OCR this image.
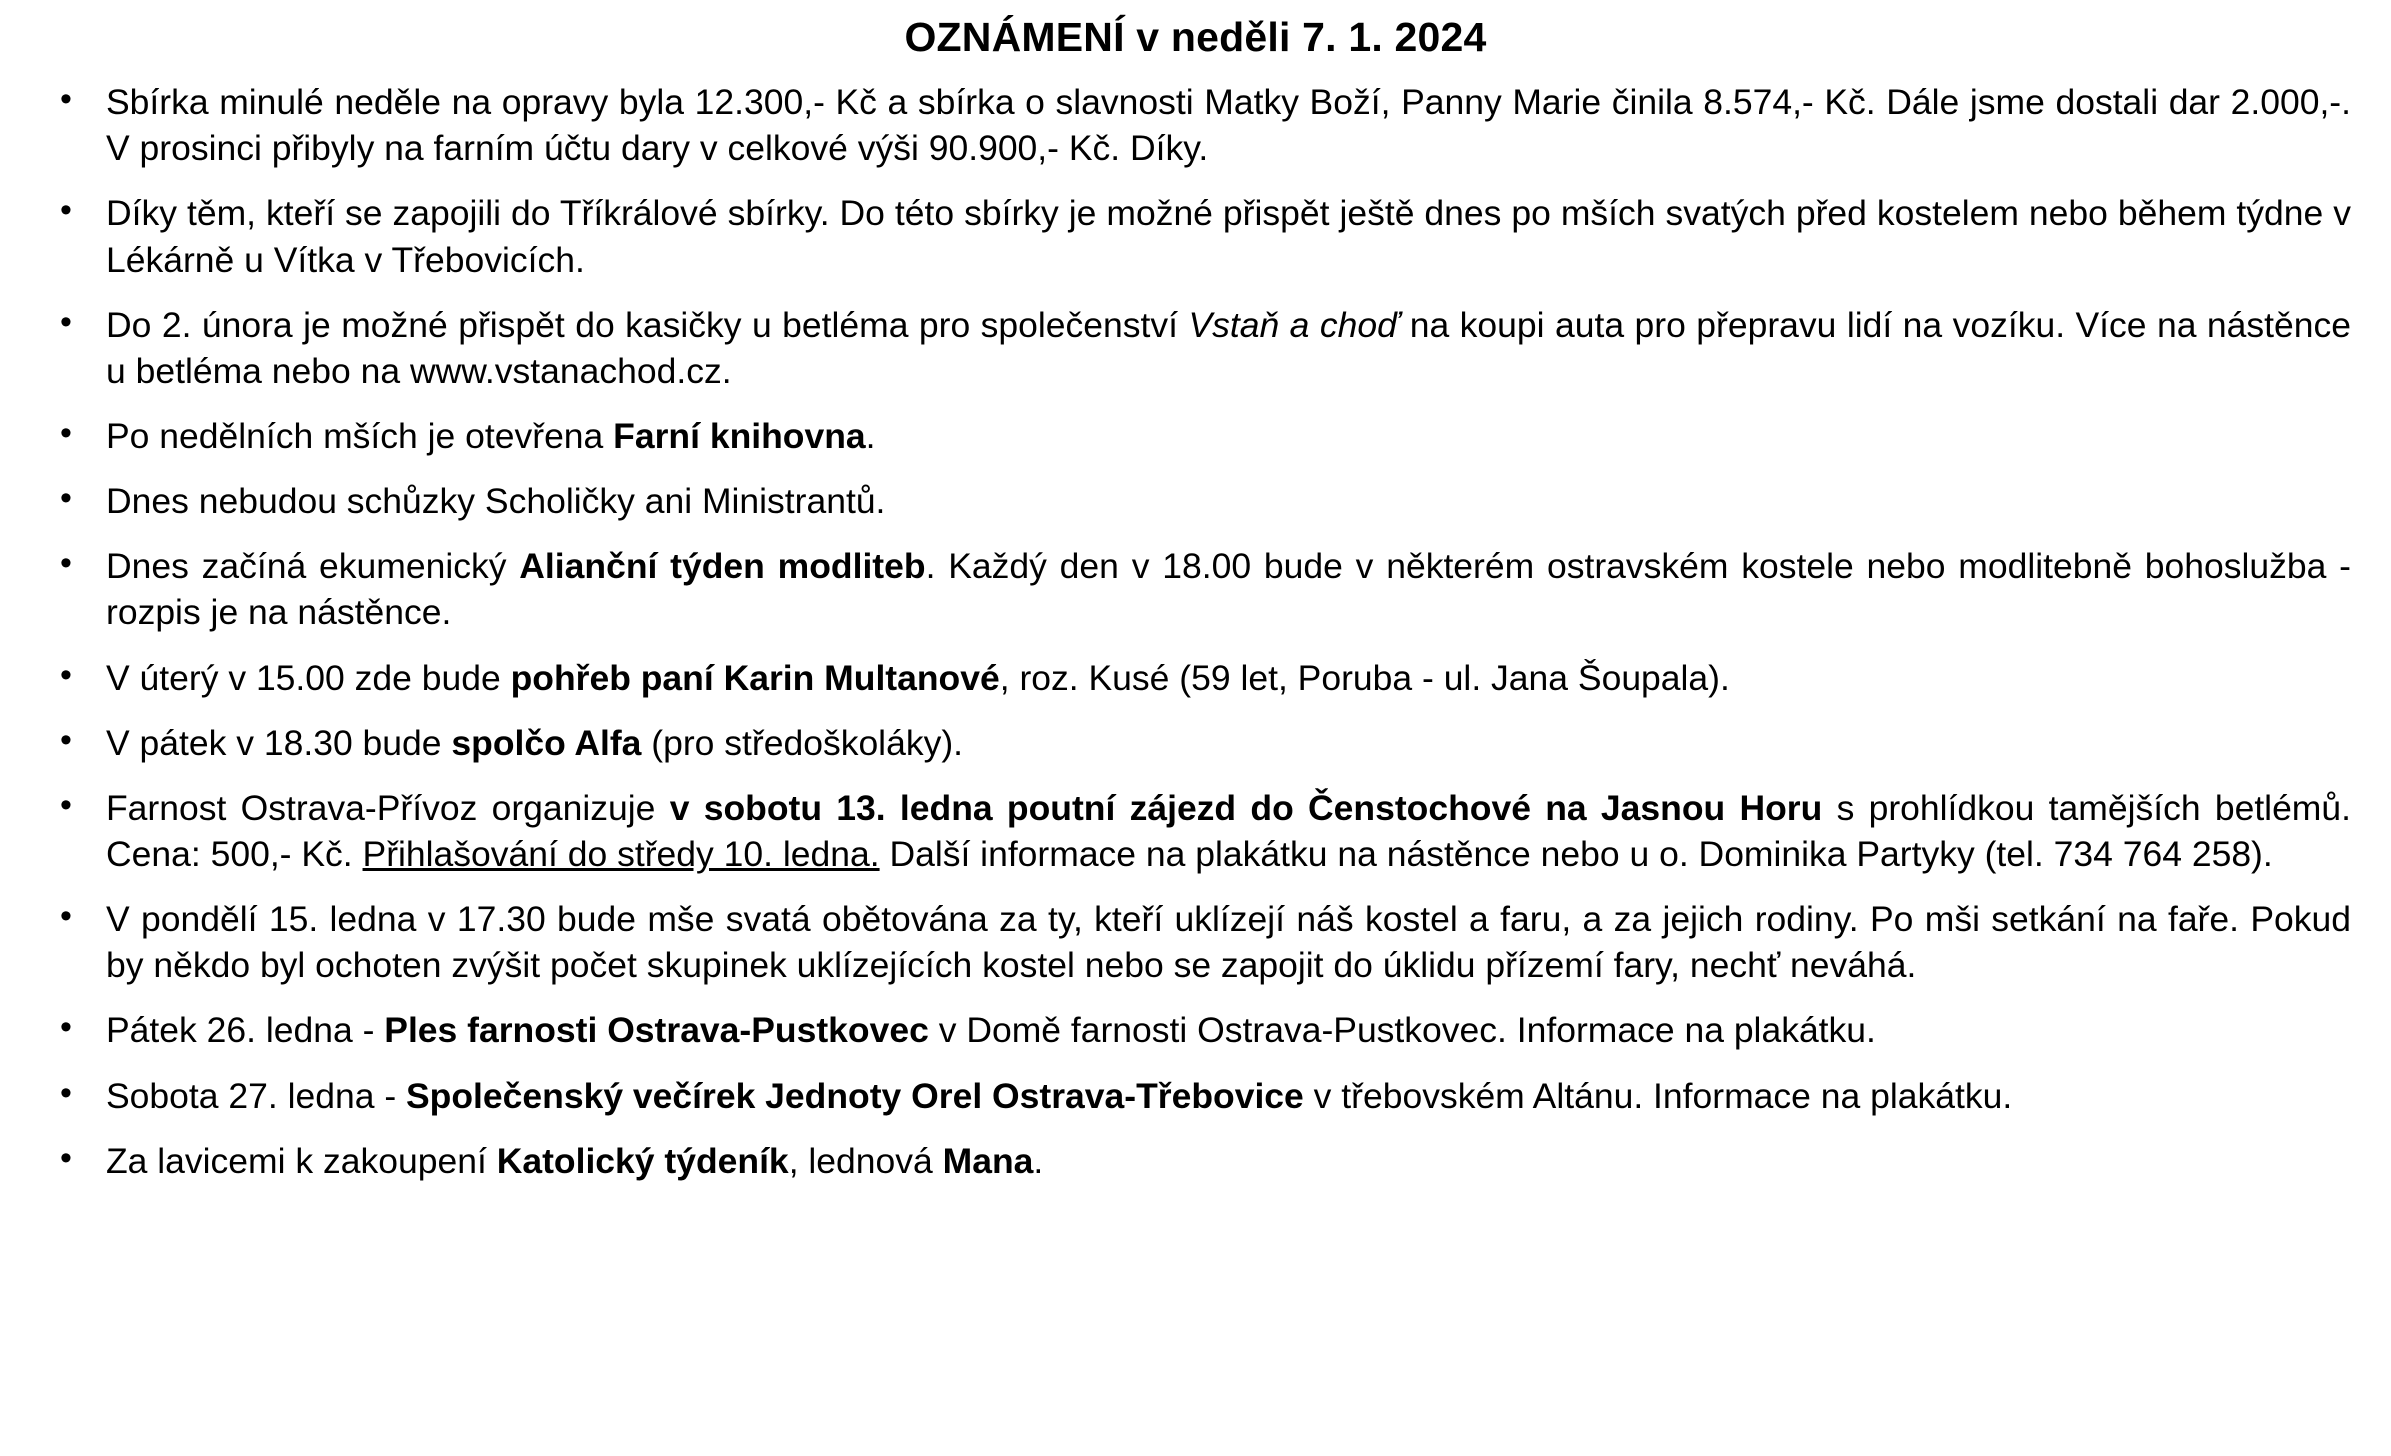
OZNÁMENÍ v neděli 7. 1. 2024
• Sbírka minulé neděle na opravy byla 12.300,- Kč a sbírka o slavnosti Matky Boží, Panny Marie činila 8.574,- Kč. Dále jsme dostali dar 2.000,-. V prosinci přibyly na farním účtu dary v celkové výši 90.900,- Kč. Díky.
• Díky těm, kteří se zapojili do Tříkrálové sbírky. Do této sbírky je možné přispět ještě dnes po mších svatých před kostelem nebo během týdne v Lékárně u Vítka v Třebovicích.
• Do 2. února je možné přispět do kasičky u betléma pro společenství Vstaň a choď na koupi auta pro přepravu lidí na vozíku. Více na nástěnce u betléma nebo na www.vstanachod.cz.
• Po nedělních mších je otevřena Farní knihovna.
• Dnes nebudou schůzky Scholičky ani Ministrantů.
• Dnes začíná ekumenický Alianční týden modliteb. Každý den v 18.00 bude v některém ostravském kostele nebo modlitebně bohoslužba - rozpis je na nástěnce.
• V úterý v 15.00 zde bude pohřeb paní Karin Multanové, roz. Kusé (59 let, Poruba - ul. Jana Šoupala).
• V pátek v 18.30 bude spolčo Alfa (pro středoškoláky).
• Farnost Ostrava-Přívoz organizuje v sobotu 13. ledna poutní zájezd do Čenstochové na Jasnou Horu s prohlídkou tamějších betlémů. Cena: 500,- Kč. Přihlašování do středy 10. ledna. Další informace na plakátku na nástěnce nebo u o. Dominika Partyky (tel. 734 764 258).
• V pondělí 15. ledna v 17.30 bude mše svatá obětována za ty, kteří uklízejí náš kostel a faru, a za jejich rodiny. Po mši setkání na faře. Pokud by někdo byl ochoten zvýšit počet skupinek uklízejících kostel nebo se zapojit do úklidu přízemí fary, nechť neváhá.
• Pátek 26. ledna - Ples farnosti Ostrava-Pustkovec v Domě farnosti Ostrava-Pustkovec. Informace na plakátku.
• Sobota 27. ledna - Společenský večírek Jednoty Orel Ostrava-Třebovice v třebovském Altánu. Informace na plakátku.
• Za lavicemi k zakoupení Katolický týdeník, lednová Mana.
